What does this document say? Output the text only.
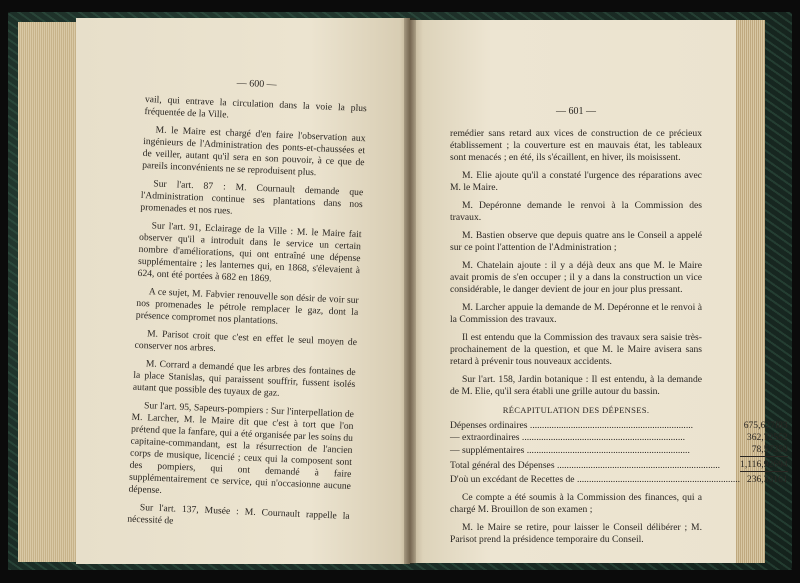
— 600 —

vail, qui entrave la circulation dans la voie la plus fréquentée de la Ville.

M. le Maire est chargé d'en faire l'observation aux ingénieurs de l'Administration des ponts-et-chaussées et de veiller, autant qu'il sera en son pouvoir, à ce que de pareils inconvénients ne se reproduisent plus.

Sur l'art. 87 : M. Cournault demande que l'Administration continue ses plantations dans nos promenades et nos rues.

Sur l'art. 91, Eclairage de la Ville : M. le Maire fait observer qu'il a introduit dans le service un certain nombre d'améliorations, qui ont entraîné une dépense supplémentaire ; les lanternes qui, en 1868, s'élevaient à 624, ont été portées à 682 en 1869.

A ce sujet, M. Fabvier renouvelle son désir de voir sur nos promenades le pétrole remplacer le gaz, dont la présence compromet nos plantations.

M. Parisot croit que c'est en effet le seul moyen de conserver nos arbres.

M. Corrard a demandé que les arbres des fontaines de la place Stanislas, qui paraissent souffrir, fussent isolés autant que possible des tuyaux de gaz.

Sur l'art. 95, Sapeurs-pompiers : Sur l'interpellation de M. Larcher, M. le Maire dit que c'est à tort que l'on prétend que la fanfare, qui a été organisée par les soins du capitaine-commandant, est la résurrection de l'ancien corps de musique, licencié ; ceux qui la composent sont des pompiers, qui ont demandé à faire supplémentairement ce service, qui n'occasionne aucune dépense.

Sur l'art. 137, Musée : M. Cournault rappelle la nécessité de

— 601 —

remédier sans retard aux vices de construction de ce précieux établissement ; la couverture est en mauvais état, les tableaux sont menacés ; en été, ils s'écaillent, en hiver, ils moisissent.

M. Elie ajoute qu'il a constaté l'urgence des réparations avec M. le Maire.

M. Depéronne demande le renvoi à la Commission des travaux.

M. Bastien observe que depuis quatre ans le Conseil a appelé sur ce point l'attention de l'Administration ;

M. Chatelain ajoute : il y a déjà deux ans que M. le Maire avait promis de s'en occuper ; il y a dans la construction un vice considérable, le danger devient de jour en jour plus pressant.

M. Larcher appuie la demande de M. Depéronne et le renvoi à la Commission des travaux.

Il est entendu que la Commission des travaux sera saisie très-prochainement de la question, et que M. le Maire avisera sans retard à prévenir tous nouveaux accidents.

Sur l'art. 158, Jardin botanique : Il est entendu, à la demande de M. Elie, qu'il sera établi une grille autour du bassin.

RÉCAPITULATION DES DÉPENSES.
Dépenses ordinaires .....	675,627f	83
— extraordinaires .....	362,725	52
— supplémentaires .....	78,573	59
Total général des Dépenses .....	1,116,926	94
D'où un excédant de Recettes de .....	236,331	61

Ce compte a été soumis à la Commission des finances, qui a chargé M. Brouillon de son examen ;

M. le Maire se retire, pour laisser le Conseil délibérer ; M. Parisot prend la présidence temporaire du Conseil.
